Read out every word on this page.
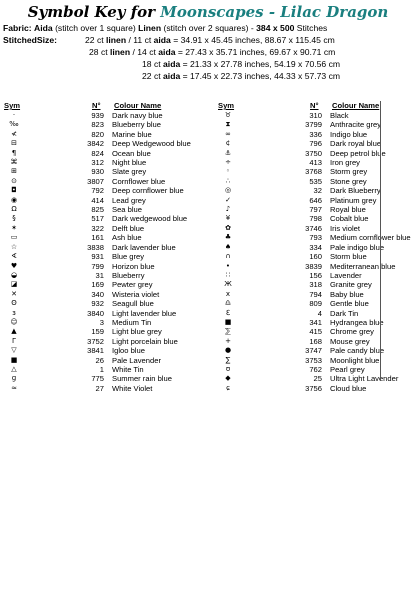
Symbol Key for Moonscapes - Lilac Dragon
Fabric: Aida (stitch over 1 square) Linen (stitch over 2 squares) - 384 x 500 Stitches
StitchedSize:	22 ct linen / 11 ct aida = 34.91 x 45.45 inches, 88.67 x 115.45 cm
28 ct linen / 14 ct aida = 27.43 x 35.71 inches, 69.67 x 90.71 cm
18 ct aida = 21.33 x 27.78 inches, 54.19 x 70.56 cm
22 ct aida = 17.45 x 22.73 inches, 44.33 x 57.73 cm
Sym	N° Colour Name
·	939 Dark navy blue
‰	823 Blueberry blue
≮	820 Marine blue
⊟	3842 Deep Wedgewood blue
¶	824 Ocean blue
⌘	312 Night blue
⊞	930 Slate grey
⊙	3807 Cornflower blue
◘	792 Deep cornflower blue
◉	414 Lead grey
Ω	825 Sea blue
§	517 Dark wedgewood blue
✶	322 Delft blue
▭	161 Ash blue
☆	3838 Dark lavender blue
∢	931 Blue grey
♥	799 Horizon blue
◒	31 Blueberry
◪	169 Pewter grey
✕	340 Wisteria violet
ʘ	932 Seagull blue
ɜ	3840 Light lavender blue
☺	3 Medium Tin
▲	159 Light blue grey
Γ	3752 Light porcelain blue
▽	3841 Igloo blue
■	26 Pale Lavender
△	1 White Tin
ɡ	775 Summer rain blue
≈	27 White Violet
Sym	N° Colour Name
♉	310 Black
⧗	3799 Anthracite grey
∞	336 Indigo blue
¢	796 Dark royal blue
⚓	3750 Deep petrol blue
÷	413 Iron grey
◦	3768 Storm grey
∴	535 Stone grey
◎	32 Dark Blueberry
✓	646 Platinum grey
♪	797 Royal blue
¥	798 Cobalt blue
✿	3746 Iris violet
♣	793 Medium cornflower blue
♠	334 Pale indigo blue
∩	160 Storm blue
•	3839 Mediterranean blue
∷	156 Lavender
Ж	318 Granite grey
х	794 Baby blue
♎	809 Gentle blue
ℇ	4 Dark Tin
■	341 Hydrangea blue
⅀	415 Chrome grey
+	168 Mouse grey
●	3747 Pale candy blue
∑	3753 Moonlight blue
ʊ	762 Pearl grey
◆	25 Ultra Light Lavender
ɕ	3756 Cloud blue
